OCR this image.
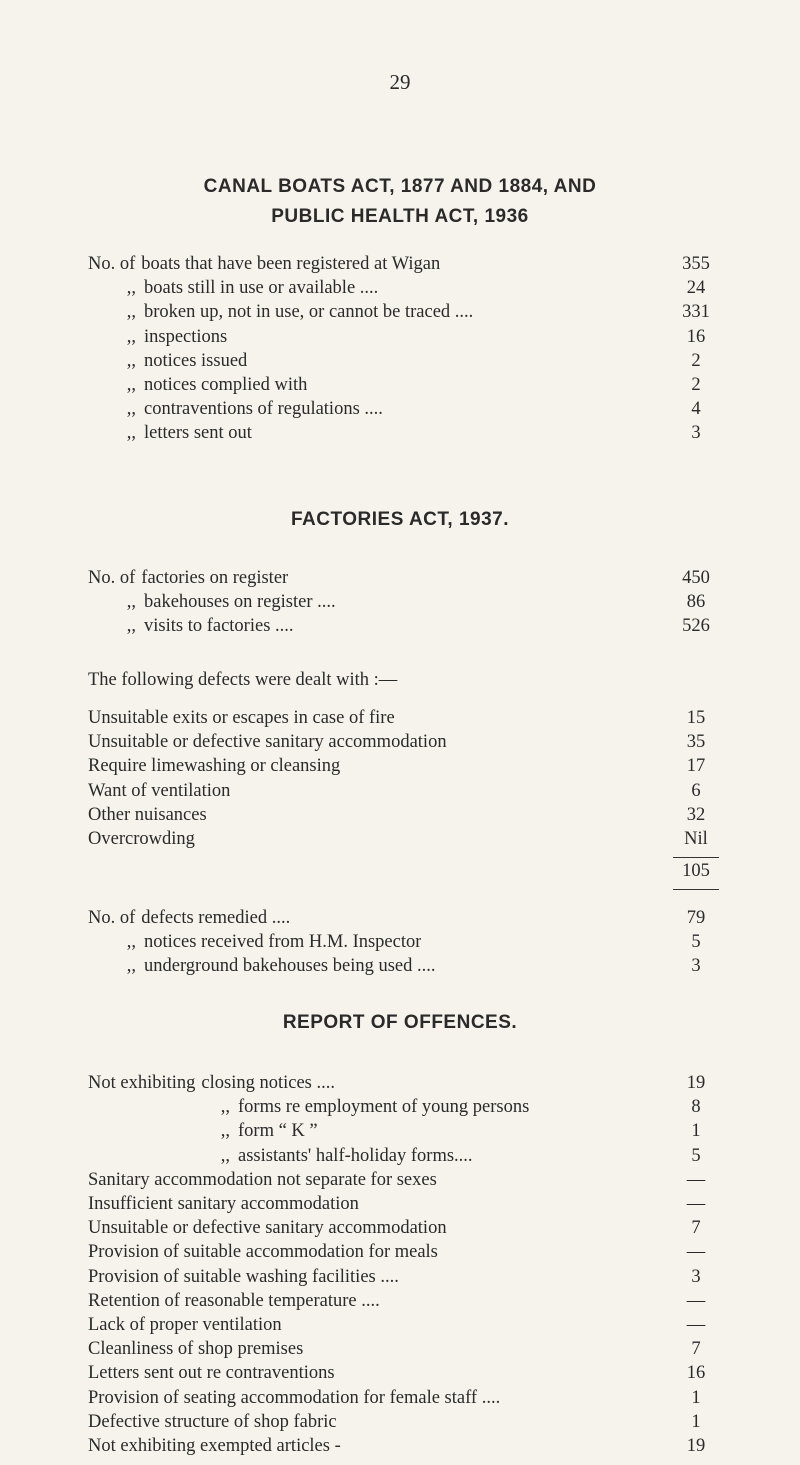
29
CANAL BOATS ACT, 1877 AND 1884, AND
PUBLIC HEALTH ACT, 1936
No. of boats that have been registered at Wigan	355
,, boats still in use or available ....	24
,, broken up, not in use, or cannot be traced ....	331
,, inspections	16
,, notices issued	2
,, notices complied with	2
,, contraventions of regulations ....	4
,, letters sent out	3
FACTORIES ACT, 1937.
No. of factories on register	450
,, bakehouses on register ....	86
,, visits to factories ....	526
The following defects were dealt with :—
Unsuitable exits or escapes in case of fire	15
Unsuitable or defective sanitary accommodation	35
Require limewashing or cleansing	17
Want of ventilation	6
Other nuisances	32
Overcrowding	Nil
105
No. of defects remedied ....	79
,, notices received from H.M. Inspector	5
,, underground bakehouses being used ....	3
REPORT OF OFFENCES.
Not exhibiting closing notices ....	19
,, forms re employment of young persons	8
,, form “ K ”	1
,, assistants' half-holiday forms....	5
Sanitary accommodation not separate for sexes	—
Insufficient sanitary accommodation	—
Unsuitable or defective sanitary accommodation	7
Provision of suitable accommodation for meals	—
Provision of suitable washing facilities ....	3
Retention of reasonable temperature ....	—
Lack of proper ventilation	—
Cleanliness of shop premises	7
Letters sent out re contraventions	16
Provision of seating accommodation for female staff ....	1
Defective structure of shop fabric	1
Not exhibiting exempted articles -	19
